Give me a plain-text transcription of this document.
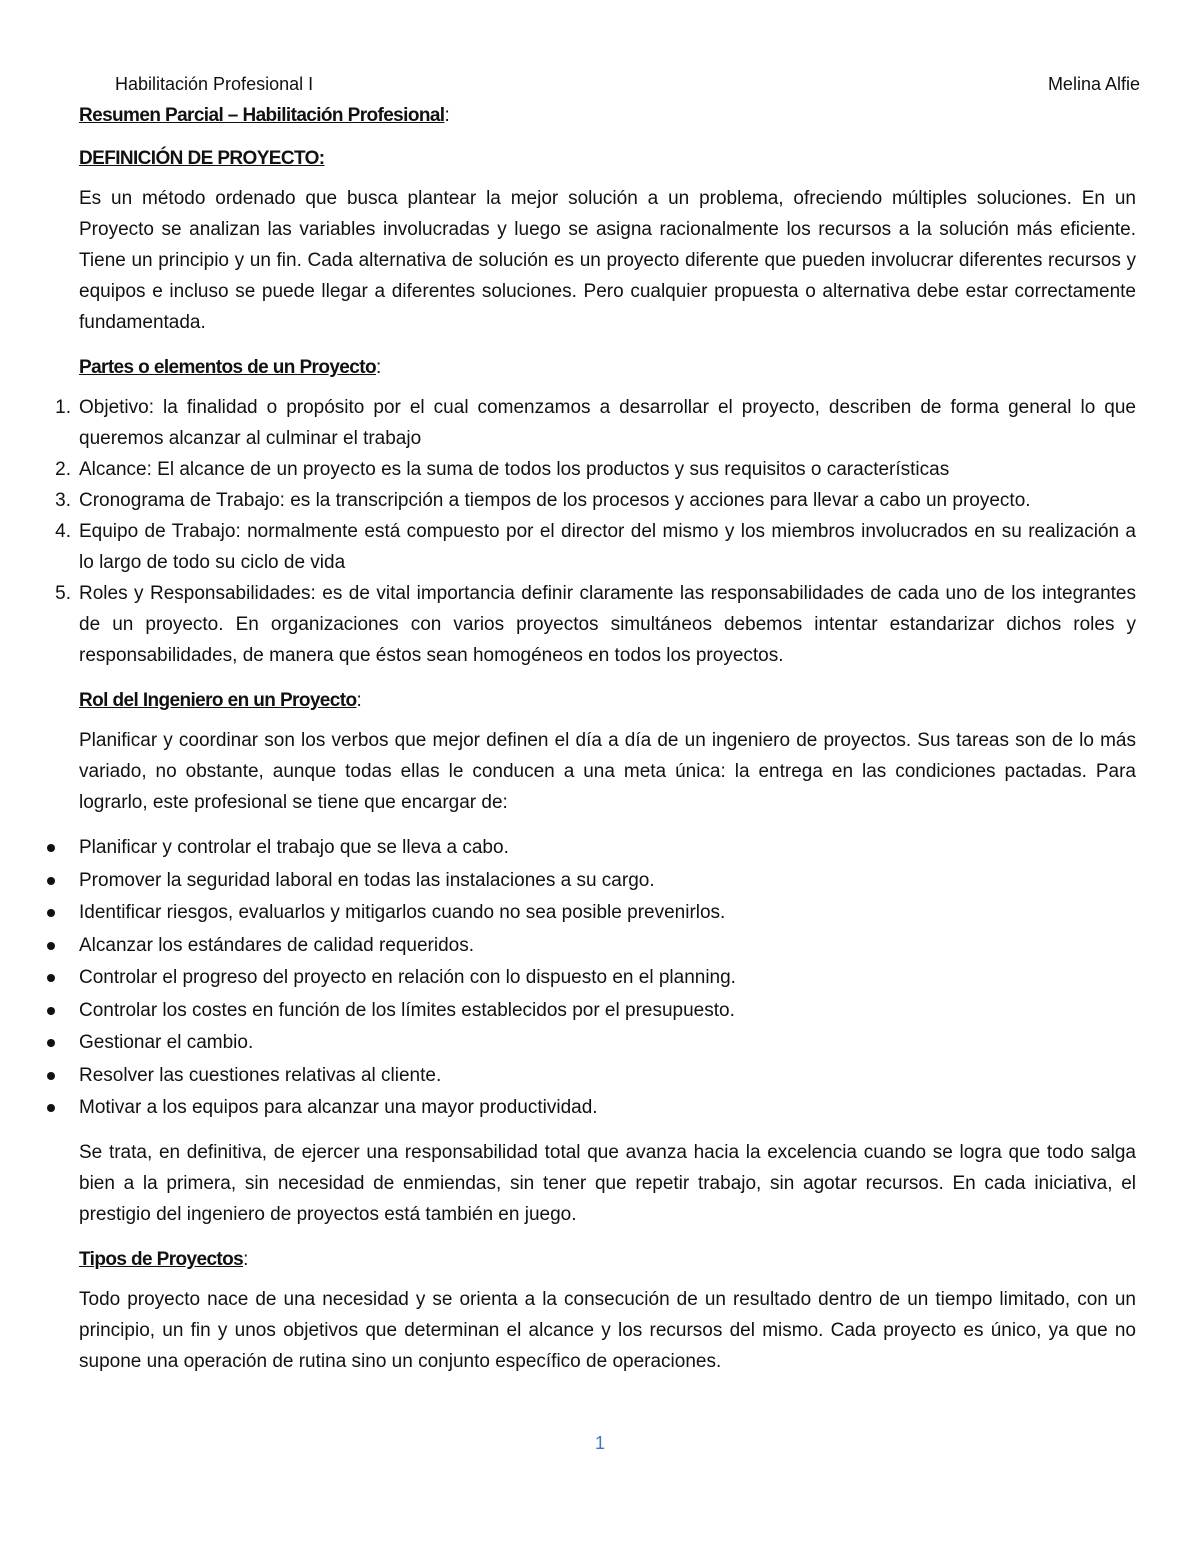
Habilitación Profesional I	Melina Alfie
Resumen Parcial – Habilitación Profesional:
DEFINICIÓN DE PROYECTO:

Es un método ordenado que busca plantear la mejor solución a un problema, ofreciendo múltiples soluciones. En un Proyecto se analizan las variables involucradas y luego se asigna racionalmente los recursos a la solución más eficiente. Tiene un principio y un fin. Cada alternativa de solución es un proyecto diferente que pueden involucrar diferentes recursos y equipos e incluso se puede llegar a diferentes soluciones. Pero cualquier propuesta o alternativa debe estar correctamente fundamentada.

Partes o elementos de un Proyecto:
1. Objetivo: la finalidad o propósito por el cual comenzamos a desarrollar el proyecto, describen de forma general lo que queremos alcanzar al culminar el trabajo
2. Alcance: El alcance de un proyecto es la suma de todos los productos y sus requisitos o características
3. Cronograma de Trabajo: es la transcripción a tiempos de los procesos y acciones para llevar a cabo un proyecto.
4. Equipo de Trabajo: normalmente está compuesto por el director del mismo y los miembros involucrados en su realización a lo largo de todo su ciclo de vida
5. Roles y Responsabilidades: es de vital importancia definir claramente las responsabilidades de cada uno de los integrantes de un proyecto. En organizaciones con varios proyectos simultáneos debemos intentar estandarizar dichos roles y responsabilidades, de manera que éstos sean homogéneos en todos los proyectos.
Rol del Ingeniero en un Proyecto:

Planificar y coordinar son los verbos que mejor definen el día a día de un ingeniero de proyectos. Sus tareas son de lo más variado, no obstante, aunque todas ellas le conducen a una meta única: la entrega en las condiciones pactadas. Para lograrlo, este profesional se tiene que encargar de:

Planificar y controlar el trabajo que se lleva a cabo.
Promover la seguridad laboral en todas las instalaciones a su cargo.
Identificar riesgos, evaluarlos y mitigarlos cuando no sea posible prevenirlos.
Alcanzar los estándares de calidad requeridos.
Controlar el progreso del proyecto en relación con lo dispuesto en el planning.
Controlar los costes en función de los límites establecidos por el presupuesto.
Gestionar el cambio.
Resolver las cuestiones relativas al cliente.
Motivar a los equipos para alcanzar una mayor productividad.

Se trata, en definitiva, de ejercer una responsabilidad total que avanza hacia la excelencia cuando se logra que todo salga bien a la primera, sin necesidad de enmiendas, sin tener que repetir trabajo, sin agotar recursos. En cada iniciativa, el prestigio del ingeniero de proyectos está también en juego.

Tipos de Proyectos:

Todo proyecto nace de una necesidad y se orienta a la consecución de un resultado dentro de un tiempo limitado, con un principio, un fin y unos objetivos que determinan el alcance y los recursos del mismo. Cada proyecto es único, ya que no supone una operación de rutina sino un conjunto específico de operaciones.

1
